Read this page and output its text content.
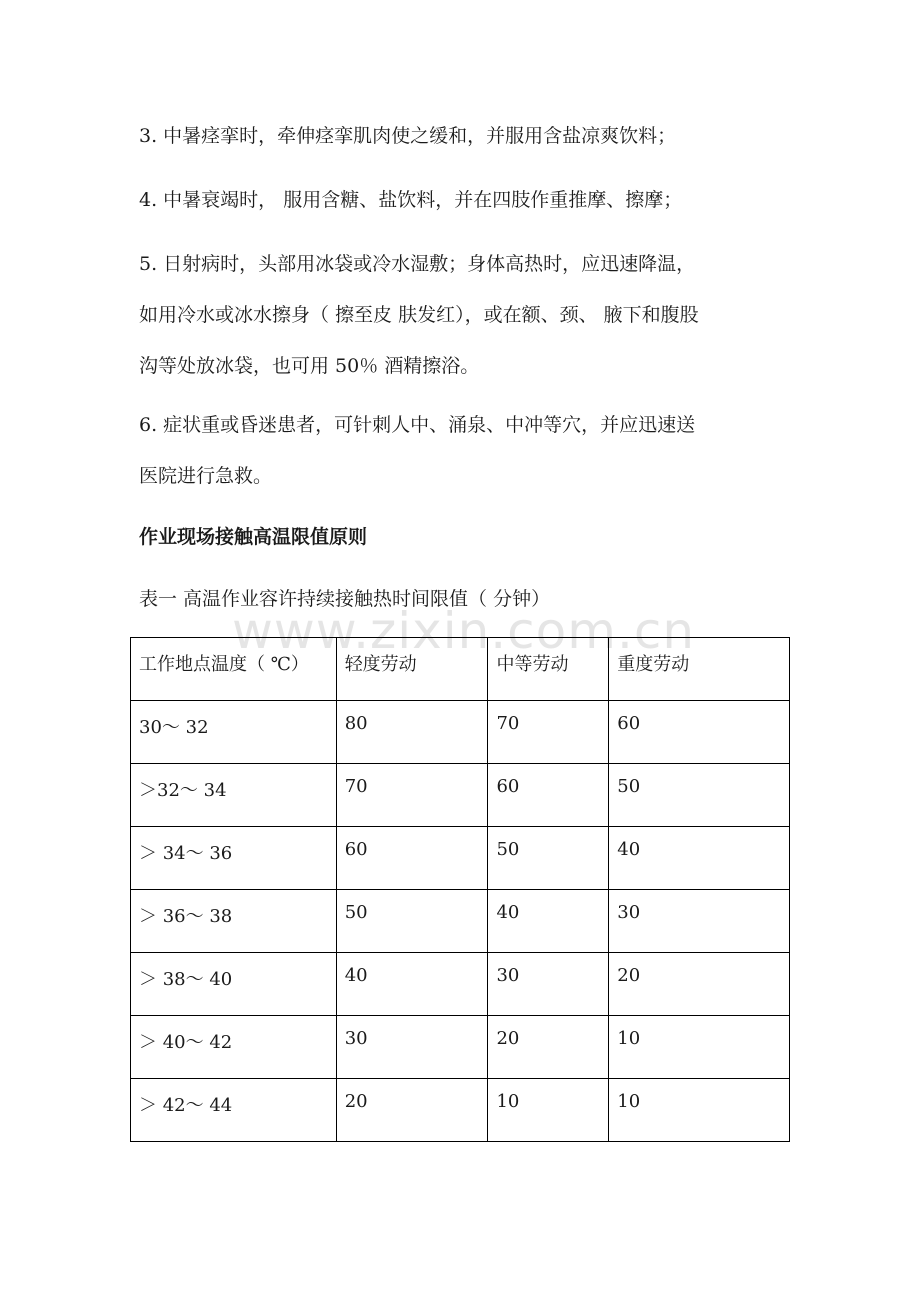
3. 中暑痉挛时，牵伸痉挛肌肉使之缓和，并服用含盐凉爽饮料；

4. 中暑衰竭时， 服用含糖、盐饮料，并在四肢作重推摩、擦摩；

5. 日射病时，头部用冰袋或冷水湿敷；身体高热时，应迅速降温，
如用冷水或冰水擦身（ 擦至皮 肤发红），或在额、颈、 腋下和腹股
沟等处放冰袋，也可用 50％ 酒精擦浴。

6. 症状重或昏迷患者，可针刺人中、涌泉、中冲等穴，并应迅速送
医院进行急救。

作业现场接触高温限值原则

表一 高温作业容许持续接触热时间限值（ 分钟）

www.zixin.com.cn
工作地点温度（ ℃）	轻度劳动	中等劳动	重度劳动
30～ 32	80	70	60
＞32～ 34	70	60	50
＞ 34～ 36	60	50	40
＞ 36～ 38	50	40	30
＞ 38～ 40	40	30	20
＞ 40～ 42	30	20	10
＞ 42～ 44	20	10	10
